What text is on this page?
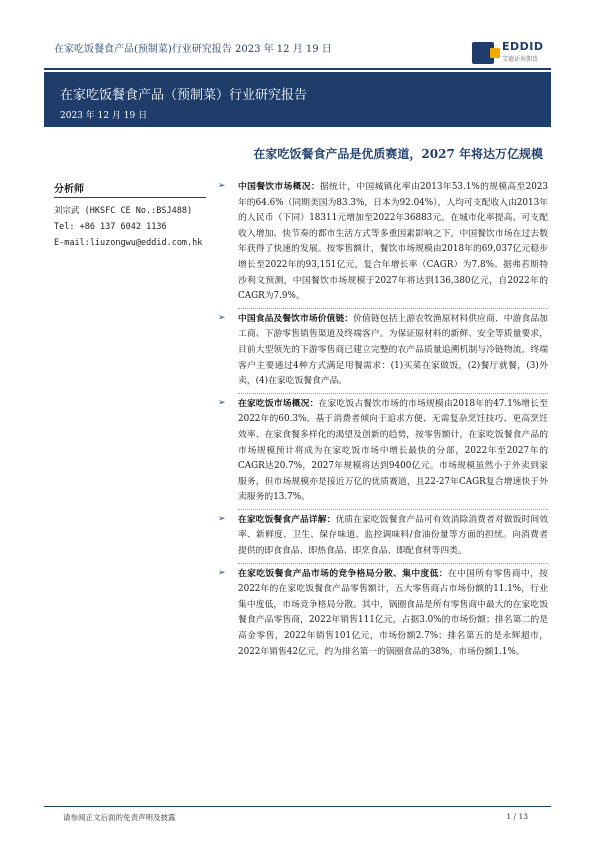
在家吃饭餐食产品(预制菜)行业研究报告 2023 年 12 月 19 日	EDDID
艾德证券期货
在家吃饭餐食产品（预制菜）行业研究报告
2023 年 12 月 19 日
在家吃饭餐食产品是优质赛道，2027 年将达万亿规模
分析师
刘宗武 (HKSFC CE No.:BSJ488)
Tel: +86 137 6042 1136
E-mail:liuzongwu@eddid.com.hk
➢ 中国餐饮市场概况：据统计，中国城镇化率由2013年53.1%的规模高至2023年的64.6%（同期美国为83.3%，日本为92.04%），人均可支配收入由2013年的人民币（下同）18311元增加至2022年36883元。在城市化率提高、可支配收入增加、快节奏的都市生活方式等多重因素影响之下，中国餐饮市场在过去数年获得了快速的发展。按零售额计，餐饮市场规模由2018年的69,037亿元稳步增长至2022年的93,151亿元，复合年增长率（CAGR）为7.8%。据弗若斯特沙利文预测，中国餐饮市场规模于2027年将达到136,380亿元，自2022年的CAGR为7.9%。
➢ 中国食品及餐饮市场价值链：价值链包括上游农牧渔原材料供应商、中游食品加工商、下游零售销售渠道及终端客户。为保证原材料的新鲜、安全等质量要求，目前大型领先的下游零售商已建立完整的农产品质量追溯机制与冷链物流。终端客户主要通过4种方式满足用餐需求：(1)买菜在家做饭，(2)餐厅就餐，(3)外卖，(4)在家吃饭餐食产品。
➢ 在家吃饭市场概况：在家吃饭占餐饮市场的市场规模由2018年的47.1%增长至2022年的60.3%。基于消费者倾向于追求方便、无需复杂烹饪技巧、更高烹饪效率、在家食餐多样化的渴望及创新的趋势，按零售额计，在家吃饭餐食产品的市场规模预计将成为在家吃饭市场中增长最快的分部，2022年至2027年的CAGR达20.7%，2027年规模将达到9400亿元。市场规模虽然小于外卖到家服务，但市场规模亦是接近万亿的优质赛道，且22-27年CAGR复合增速快于外卖服务的13.7%。
➢ 在家吃饭餐食产品详解：优质在家吃饭餐食产品可有效消除消费者对做饭时间效率、新鲜度、卫生、保存味道、监控调味料/食油份量等方面的担忧。向消费者提供的即食食品、即热食品、即烹食品、即配食材等四类。
➢ 在家吃饭餐食产品市场的竞争格局分散、集中度低：在中国所有零售商中，按2022年的在家吃饭餐食产品零售额计，五大零售商占市场份额的11.1%，行业集中度低，市场竞争格局分散。其中，锅圈食品是所有零售商中最大的在家吃饭餐食产品零售商，2022年销售111亿元，占据3.0%的市场份额；排名第二的是高金零售，2022年销售101亿元，市场份额2.7%；排名第五的是永辉超市，2022年销售42亿元，约为排名第一的锅圈食品的38%，市场份额1.1%。
请参阅正文后面的免责声明及披露	1 / 13
